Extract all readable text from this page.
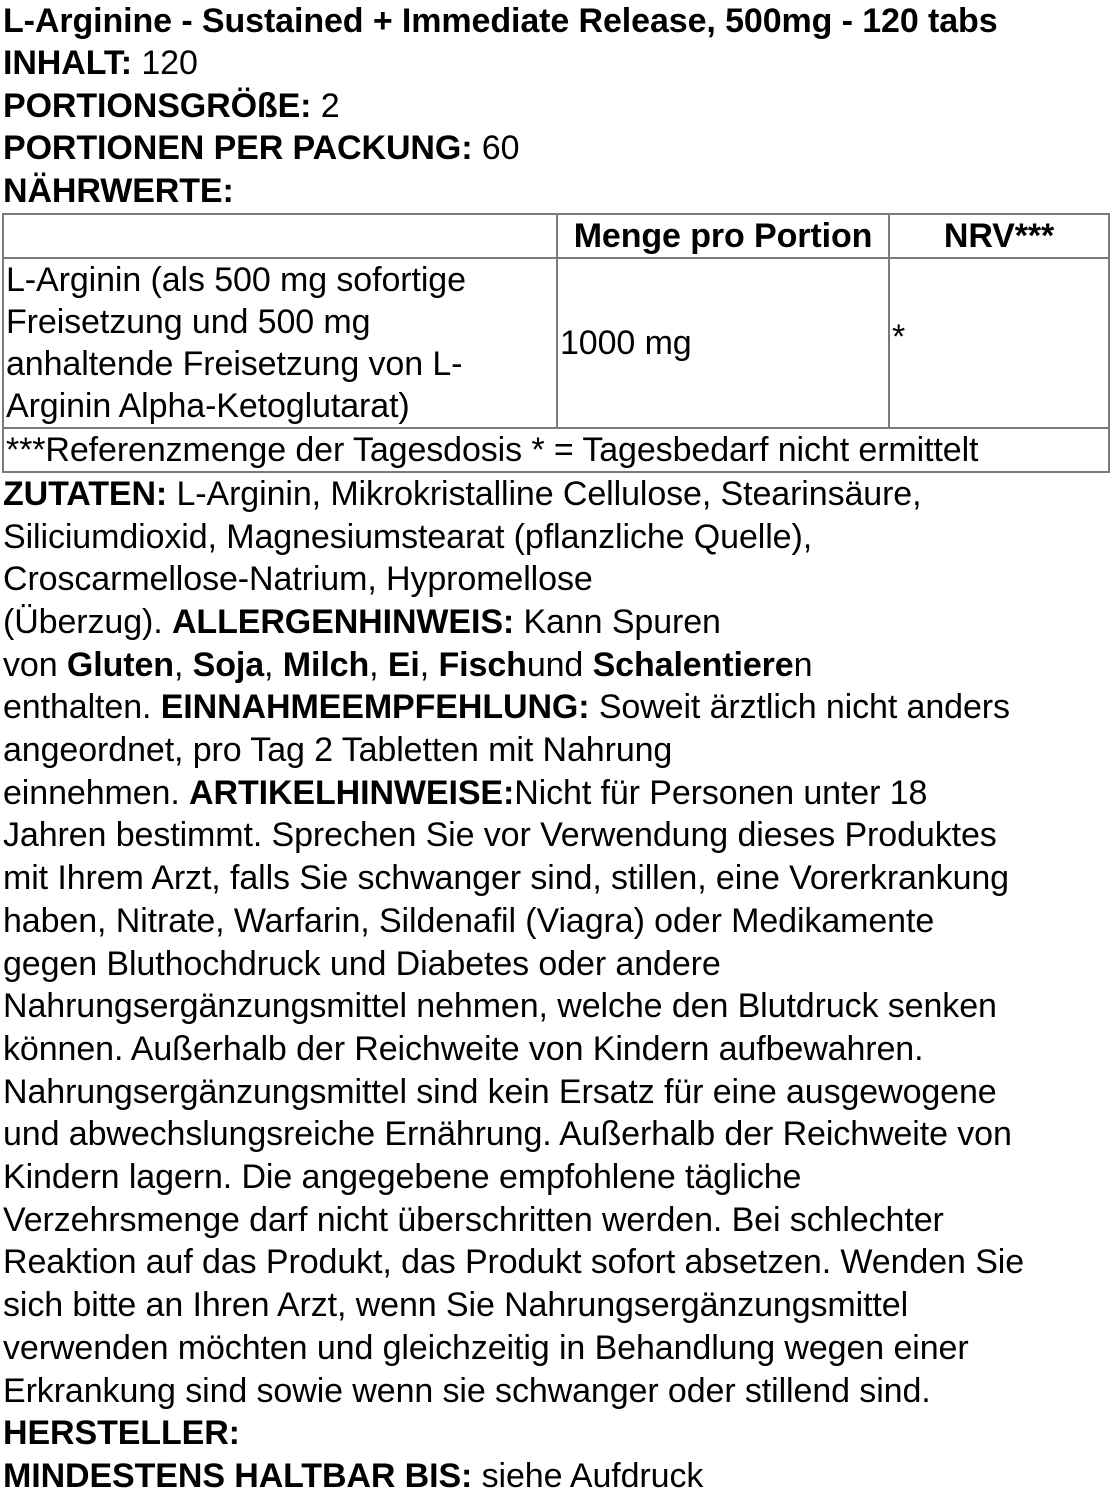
L-Arginine - Sustained + Immediate Release, 500mg - 120 tabs
INHALT: 120
PORTIONSGRÖßE: 2
PORTIONEN PER PACKUNG: 60
NÄHRWERTE:
	Menge pro Portion	NRV***

L-Arginin (als 500 mg sofortige
Freisetzung und 500 mg
anhaltende Freisetzung von L-
Arginin Alpha-Ketoglutarat)	1000 mg	*
***Referenzmenge der Tagesdosis * = Tagesbedarf nicht ermittelt		
ZUTATEN: L-Arginin, Mikrokristalline Cellulose, Stearinsäure,
Siliciumdioxid, Magnesiumstearat (pflanzliche Quelle),
Croscarmellose-Natrium, Hypromellose
(Überzug). ALLERGENHINWEIS: Kann Spuren
von Gluten, Soja, Milch, Ei, Fischund Schalentieren
enthalten. EINNAHMEEMPFEHLUNG: Soweit ärztlich nicht anders
angeordnet, pro Tag 2 Tabletten mit Nahrung
einnehmen. ARTIKELHINWEISE:Nicht für Personen unter 18
Jahren bestimmt. Sprechen Sie vor Verwendung dieses Produktes
mit Ihrem Arzt, falls Sie schwanger sind, stillen, eine Vorerkrankung
haben, Nitrate, Warfarin, Sildenafil (Viagra) oder Medikamente
gegen Bluthochdruck und Diabetes oder andere
Nahrungsergänzungsmittel nehmen, welche den Blutdruck senken
können. Außerhalb der Reichweite von Kindern aufbewahren.
Nahrungsergänzungsmittel sind kein Ersatz für eine ausgewogene
und abwechslungsreiche Ernährung. Außerhalb der Reichweite von
Kindern lagern. Die angegebene empfohlene tägliche
Verzehrsmenge darf nicht überschritten werden. Bei schlechter
Reaktion auf das Produkt, das Produkt sofort absetzen. Wenden Sie
sich bitte an Ihren Arzt, wenn Sie Nahrungsergänzungsmittel
verwenden möchten und gleichzeitig in Behandlung wegen einer
Erkrankung sind sowie wenn sie schwanger oder stillend sind.
HERSTELLER:
MINDESTENS HALTBAR BIS: siehe Aufdruck
